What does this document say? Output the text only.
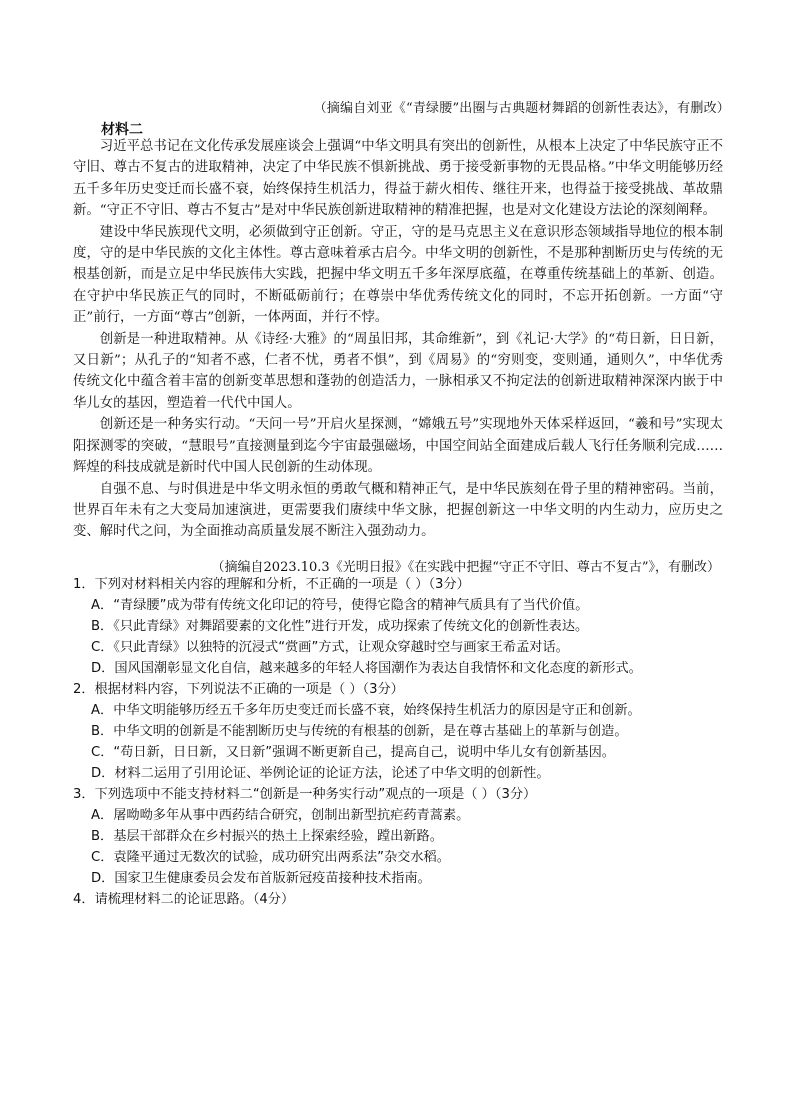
（摘编自刘亚《“青绿腰”出圈与古典题材舞蹈的创新性表达》，有删改）
材料二

习近平总书记在文化传承发展座谈会上强调“中华文明具有突出的创新性，从根本上决定了中华民族守正不守旧、尊古不复古的进取精神，决定了中华民族不惧新挑战、勇于接受新事物的无畏品格。”中华文明能够历经五千多年历史变迁而长盛不衰，始终保持生机活力，得益于薪火相传、继往开来，也得益于接受挑战、革故鼎新。“守正不守旧、尊古不复古”是对中华民族创新进取精神的精准把握，也是对文化建设方法论的深刻阐释。

建设中华民族现代文明，必须做到守正创新。守正，守的是马克思主义在意识形态领域指导地位的根本制度，守的是中华民族的文化主体性。尊古意味着承古启今。中华文明的创新性，不是那种割断历史与传统的无根基创新，而是立足中华民族伟大实践，把握中华文明五千多年深厚底蕴，在尊重传统基础上的革新、创造。在守护中华民族正气的同时，不断砥砺前行；在尊崇中华优秀传统文化的同时，不忘开拓创新。一方面“守正”前行，一方面“尊古”创新，一体两面，并行不悖。

创新是一种进取精神。从《诗经·大雅》的“周虽旧邦，其命维新”，到《礼记·大学》的“苟日新，日日新，又日新”；从孔子的“知者不惑，仁者不忧，勇者不惧”，到《周易》的“穷则变，变则通，通则久”，中华优秀传统文化中蕴含着丰富的创新变革思想和蓬勃的创造活力，一脉相承又不拘定法的创新进取精神深深内嵌于中华儿女的基因，塑造着一代代中国人。

创新还是一种务实行动。“天问一号”开启火星探测，“嫦娥五号”实现地外天体采样返回，“羲和号”实现太阳探测零的突破，“慧眼号”直接测量到迄今宇宙最强磁场，中国空间站全面建成后载人飞行任务顺利完成……辉煌的科技成就是新时代中国人民创新的生动体现。

自强不息、与时俱进是中华文明永恒的勇敢气概和精神正气，是中华民族刻在骨子里的精神密码。当前，世界百年未有之大变局加速演进，更需要我们赓续中华文脉，把握创新这一中华文明的内生动力，应历史之变、解时代之问，为全面推动高质量发展不断注入强劲动力。

（摘编自2023.10.3《光明日报》《在实践中把握“守正不守旧、尊古不复古”》，有删改）
1．下列对材料相关内容的理解和分析，不正确的一项是（ ）（3分）
A．“青绿腰”成为带有传统文化印记的符号，使得它隐含的精神气质具有了当代价值。
B．《只此青绿》对舞蹈要素的文化性”进行开发，成功探索了传统文化的创新性表达。
C．《只此青绿》以独特的沉浸式“赏画”方式，让观众穿越时空与画家王希孟对话。
D．国风国潮彰显文化自信，越来越多的年轻人将国潮作为表达自我情怀和文化态度的新形式。
2．根据材料内容，下列说法不正确的一项是（ ）（3分）
A．中华文明能够历经五千多年历史变迁而长盛不衰，始终保持生机活力的原因是守正和创新。
B．中华文明的创新是不能割断历史与传统的有根基的创新，是在尊古基础上的革新与创造。
C．“苟日新，日日新，又日新”强调不断更新自己，提高自己，说明中华儿女有创新基因。
D．材料二运用了引用论证、举例论证的论证方法，论述了中华文明的创新性。
3．下列选项中不能支持材料二“创新是一种务实行动”观点的一项是（ ）（3分）
A．屠呦呦多年从事中西药结合研究，创制出新型抗疟药青蒿素。
B．基层干部群众在乡村振兴的热土上探索经验，蹚出新路。
C．袁隆平通过无数次的试验，成功研究出两系法”杂交水稻。
D．国家卫生健康委员会发布首版新冠疫苗接种技术指南。
4．请梳理材料二的论证思路。（4分）
